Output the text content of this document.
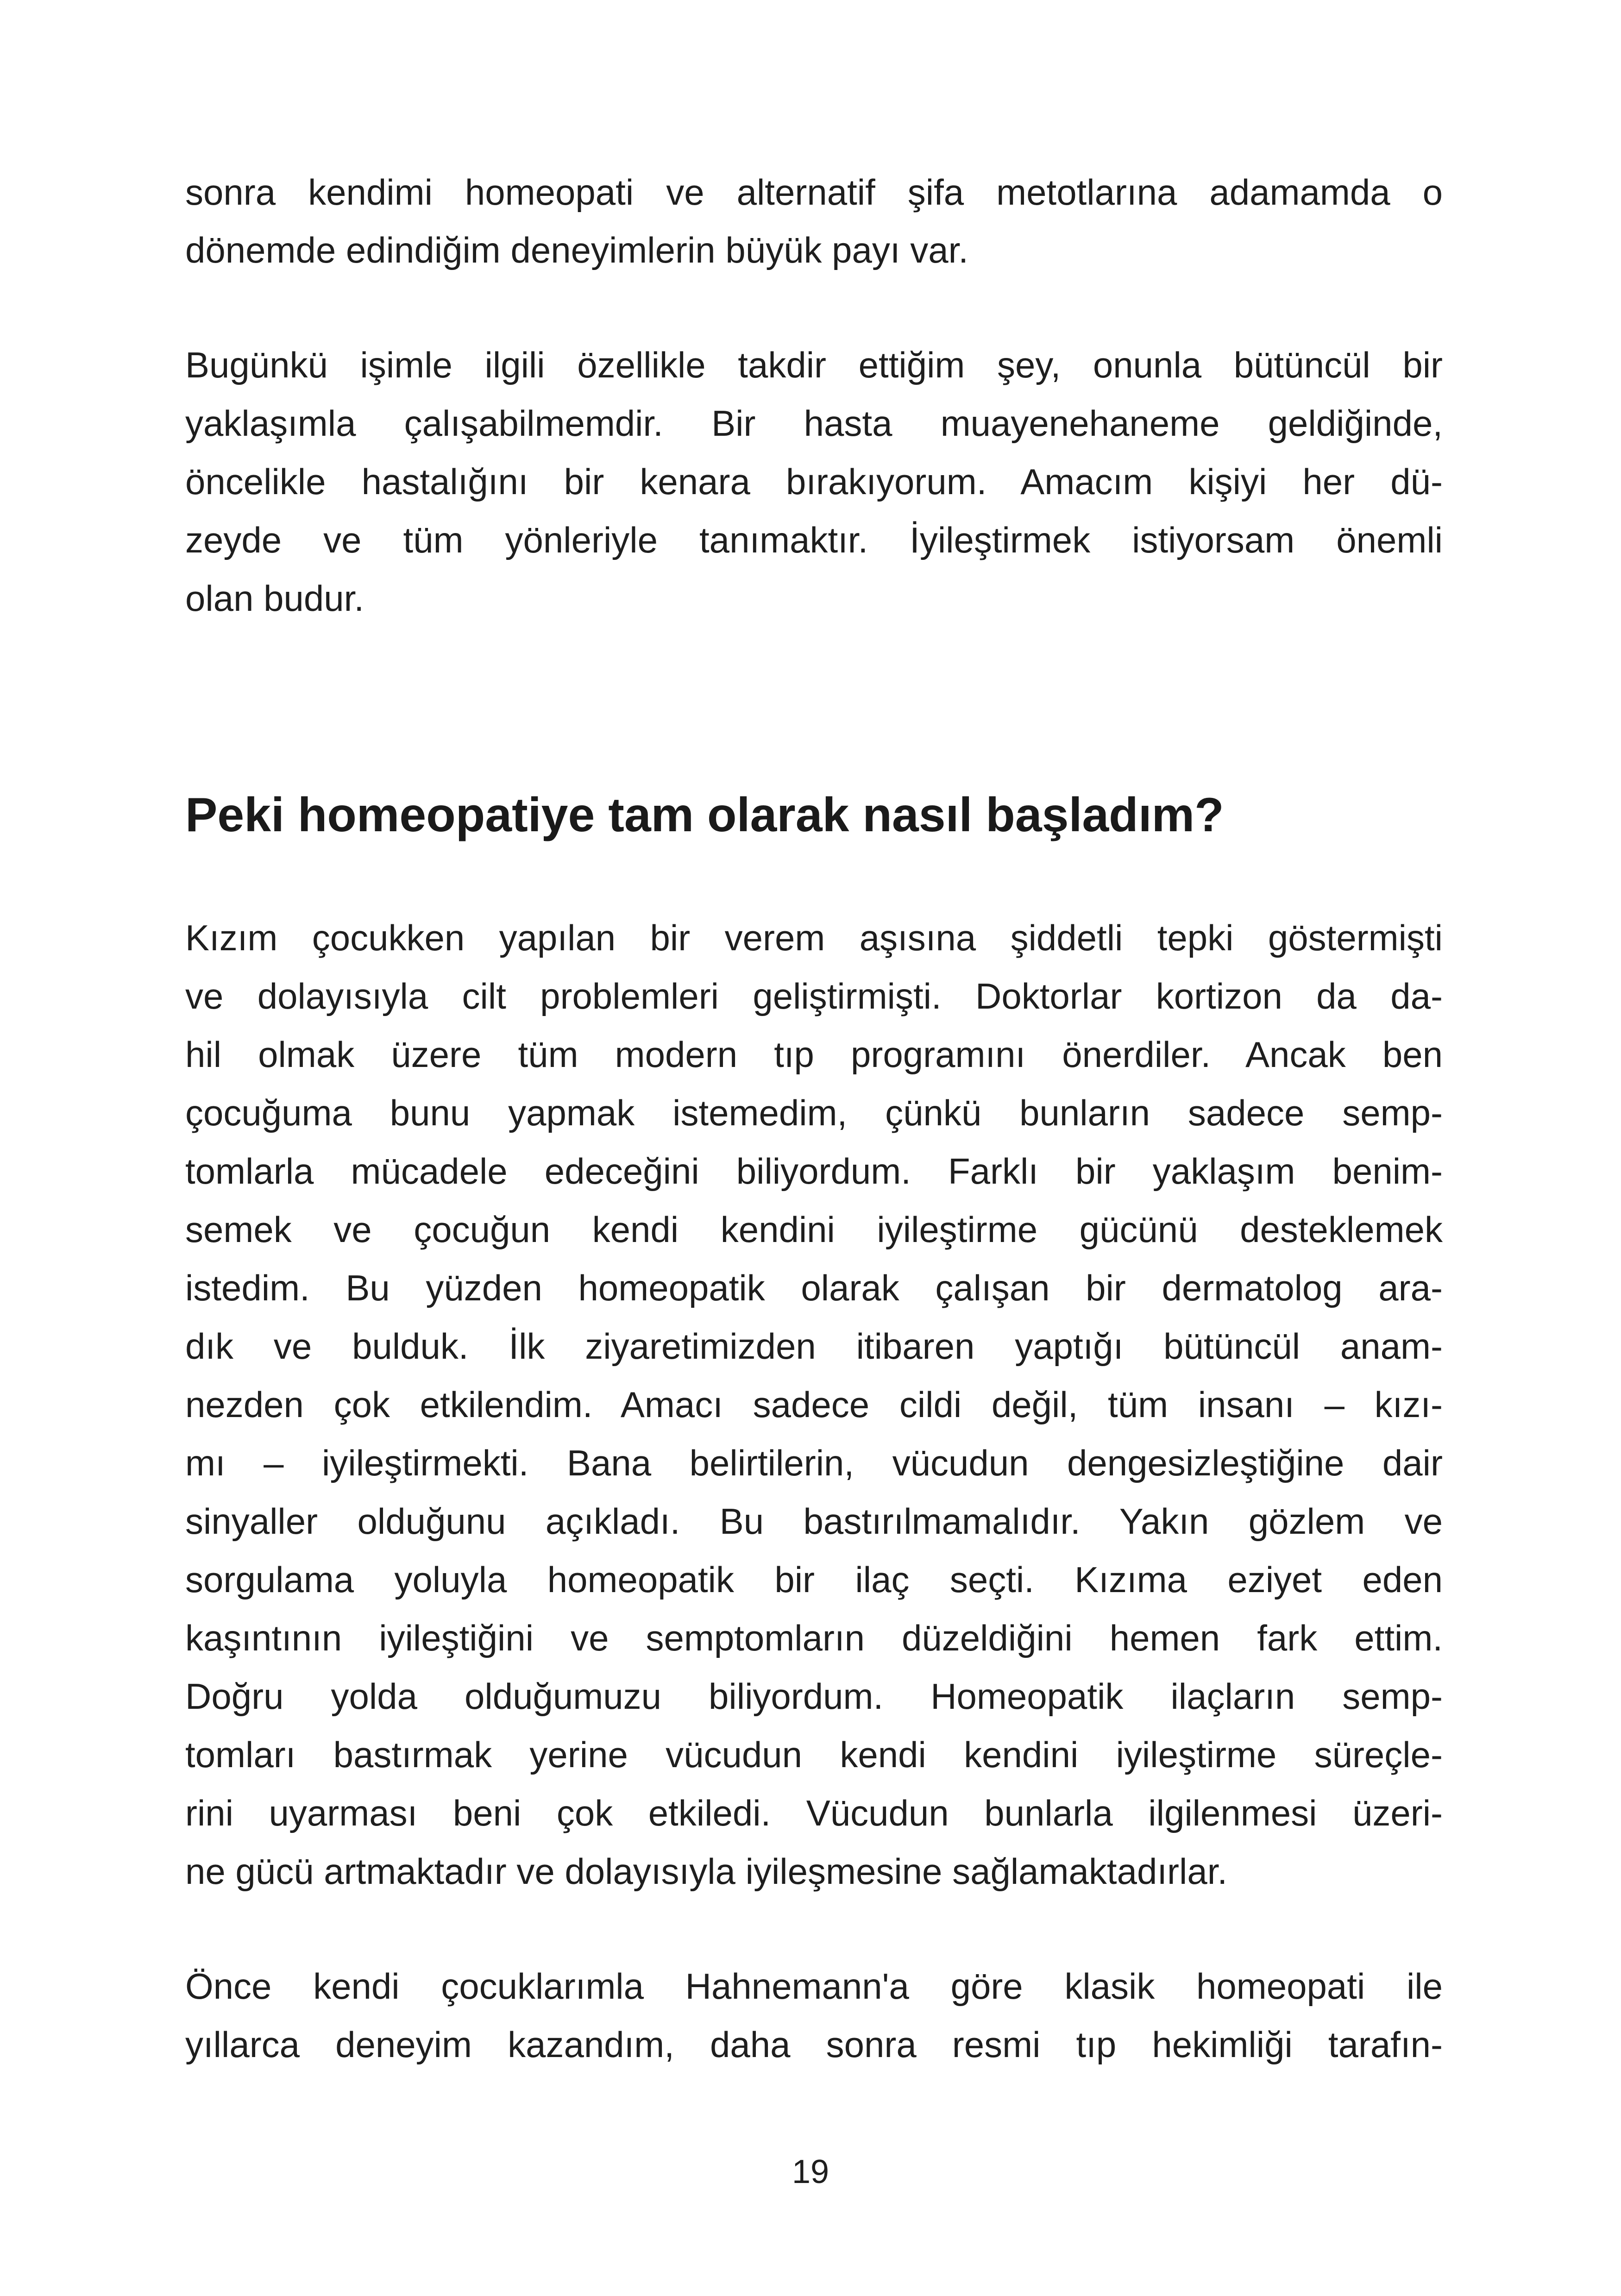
sonra kendimi homeopati ve alternatif şifa metotlarına adamamda o
dönemde edindiğim deneyimlerin büyük payı var.
Bugünkü işimle ilgili özellikle takdir ettiğim şey, onunla bütüncül bir
yaklaşımla çalışabilmemdir. Bir hasta muayenehaneme geldiğinde,
öncelikle hastalığını bir kenara bırakıyorum. Amacım kişiyi her dü-
zeyde ve tüm yönleriyle tanımaktır. İyileştirmek istiyorsam önemli
olan budur.
Peki homeopatiye tam olarak nasıl başladım?
Kızım çocukken yapılan bir verem aşısına şiddetli tepki göstermişti
ve dolayısıyla cilt problemleri geliştirmişti. Doktorlar kortizon da da-
hil olmak üzere tüm modern tıp programını önerdiler. Ancak ben
çocuğuma bunu yapmak istemedim, çünkü bunların sadece semp-
tomlarla mücadele edeceğini biliyordum. Farklı bir yaklaşım benim-
semek ve çocuğun kendi kendini iyileştirme gücünü desteklemek
istedim. Bu yüzden homeopatik olarak çalışan bir dermatolog ara-
dık ve bulduk. İlk ziyaretimizden itibaren yaptığı bütüncül anam-
nezden çok etkilendim. Amacı sadece cildi değil, tüm insanı – kızı-
mı – iyileştirmekti. Bana belirtilerin, vücudun dengesizleştiğine dair
sinyaller olduğunu açıkladı. Bu bastırılmamalıdır. Yakın gözlem ve
sorgulama yoluyla homeopatik bir ilaç seçti. Kızıma eziyet eden
kaşıntının iyileştiğini ve semptomların düzeldiğini hemen fark ettim.
Doğru yolda olduğumuzu biliyordum. Homeopatik ilaçların semp-
tomları bastırmak yerine vücudun kendi kendini iyileştirme süreçle-
rini uyarması beni çok etkiledi. Vücudun bunlarla ilgilenmesi üzeri-
ne gücü artmaktadır ve dolayısıyla iyileşmesine sağlamaktadırlar.
Önce kendi çocuklarımla Hahnemann'a göre klasik homeopati ile
yıllarca deneyim kazandım, daha sonra resmi tıp hekimliği tarafın-
19
